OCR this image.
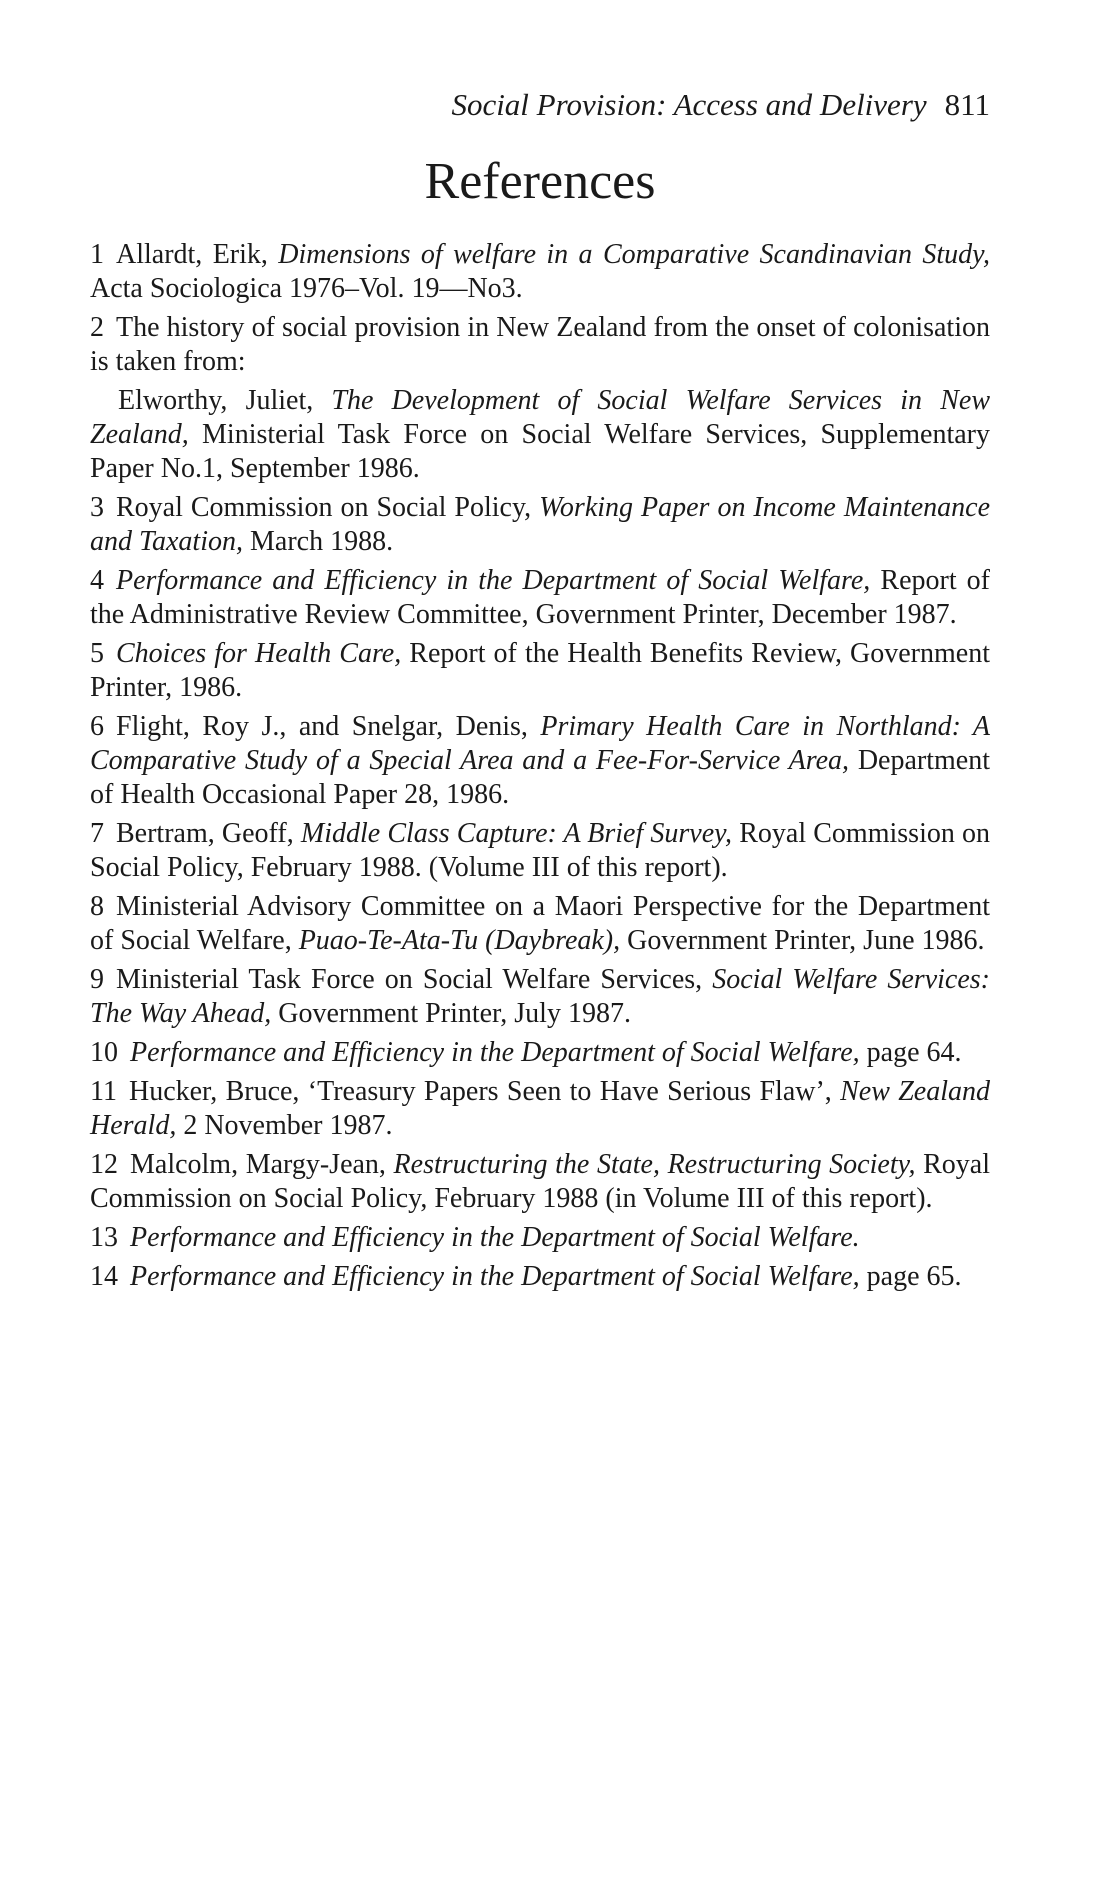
Social Provision: Access and Delivery 811
References

1 Allardt, Erik, Dimensions of welfare in a Comparative Scandinavian Study, Acta Sociologica 1976–Vol. 19—No3.

2 The history of social provision in New Zealand from the onset of colonisation is taken from:

Elworthy, Juliet, The Development of Social Welfare Services in New Zealand, Ministerial Task Force on Social Welfare Services, Supplementary Paper No.1, September 1986.

3 Royal Commission on Social Policy, Working Paper on Income Maintenance and Taxation, March 1988.

4 Performance and Efficiency in the Department of Social Welfare, Report of the Administrative Review Committee, Government Printer, December 1987.

5 Choices for Health Care, Report of the Health Benefits Review, Government Printer, 1986.

6 Flight, Roy J., and Snelgar, Denis, Primary Health Care in Northland: A Comparative Study of a Special Area and a Fee-For-Service Area, Department of Health Occasional Paper 28, 1986.

7 Bertram, Geoff, Middle Class Capture: A Brief Survey, Royal Commission on Social Policy, February 1988. (Volume III of this report).

8 Ministerial Advisory Committee on a Maori Perspective for the Department of Social Welfare, Puao-Te-Ata-Tu (Daybreak), Government Printer, June 1986.

9 Ministerial Task Force on Social Welfare Services, Social Welfare Services: The Way Ahead, Government Printer, July 1987.

10 Performance and Efficiency in the Department of Social Welfare, page 64.

11 Hucker, Bruce, ‘Treasury Papers Seen to Have Serious Flaw’, New Zealand Herald, 2 November 1987.

12 Malcolm, Margy-Jean, Restructuring the State, Restructuring Society, Royal Commission on Social Policy, February 1988 (in Volume III of this report).

13 Performance and Efficiency in the Department of Social Welfare.

14 Performance and Efficiency in the Department of Social Welfare, page 65.
